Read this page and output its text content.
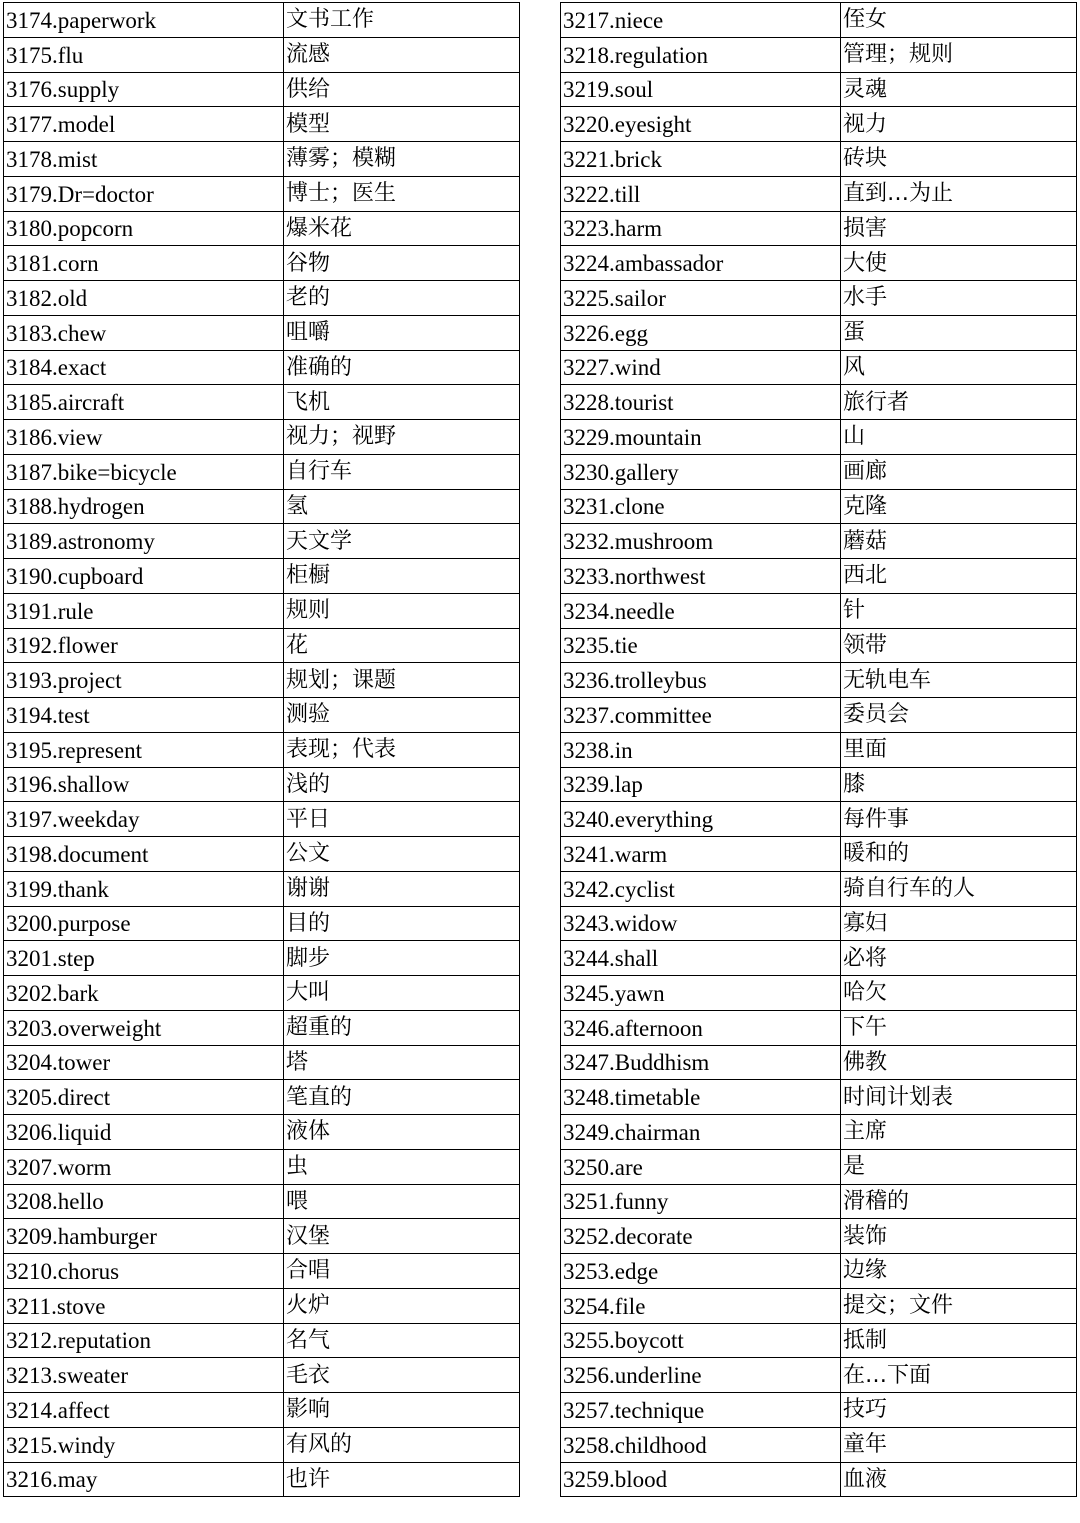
3174.paperwork	文书工作
3175.flu	流感
3176.supply	供给
3177.model	模型
3178.mist	薄雾；模糊
3179.Dr=doctor	博士；医生
3180.popcorn	爆米花
3181.corn	谷物
3182.old	老的
3183.chew	咀嚼
3184.exact	准确的
3185.aircraft	飞机
3186.view	视力；视野
3187.bike=bicycle	自行车
3188.hydrogen	氢
3189.astronomy	天文学
3190.cupboard	柜橱
3191.rule	规则
3192.flower	花
3193.project	规划；课题
3194.test	测验
3195.represent	表现；代表
3196.shallow	浅的
3197.weekday	平日
3198.document	公文
3199.thank	谢谢
3200.purpose	目的
3201.step	脚步
3202.bark	大叫
3203.overweight	超重的
3204.tower	塔
3205.direct	笔直的
3206.liquid	液体
3207.worm	虫
3208.hello	喂
3209.hamburger	汉堡
3210.chorus	合唱
3211.stove	火炉
3212.reputation	名气
3213.sweater	毛衣
3214.affect	影响
3215.windy	有风的
3216.may	也许
3217.niece	侄女
3218.regulation	管理；规则
3219.soul	灵魂
3220.eyesight	视力
3221.brick	砖块
3222.till	直到…为止
3223.harm	损害
3224.ambassador	大使
3225.sailor	水手
3226.egg	蛋
3227.wind	风
3228.tourist	旅行者
3229.mountain	山
3230.gallery	画廊
3231.clone	克隆
3232.mushroom	蘑菇
3233.northwest	西北
3234.needle	针
3235.tie	领带
3236.trolleybus	无轨电车
3237.committee	委员会
3238.in	里面
3239.lap	膝
3240.everything	每件事
3241.warm	暖和的
3242.cyclist	骑自行车的人
3243.widow	寡妇
3244.shall	必将
3245.yawn	哈欠
3246.afternoon	下午
3247.Buddhism	佛教
3248.timetable	时间计划表
3249.chairman	主席
3250.are	是
3251.funny	滑稽的
3252.decorate	装饰
3253.edge	边缘
3254.file	提交；文件
3255.boycott	抵制
3256.underline	在…下面
3257.technique	技巧
3258.childhood	童年
3259.blood	血液
